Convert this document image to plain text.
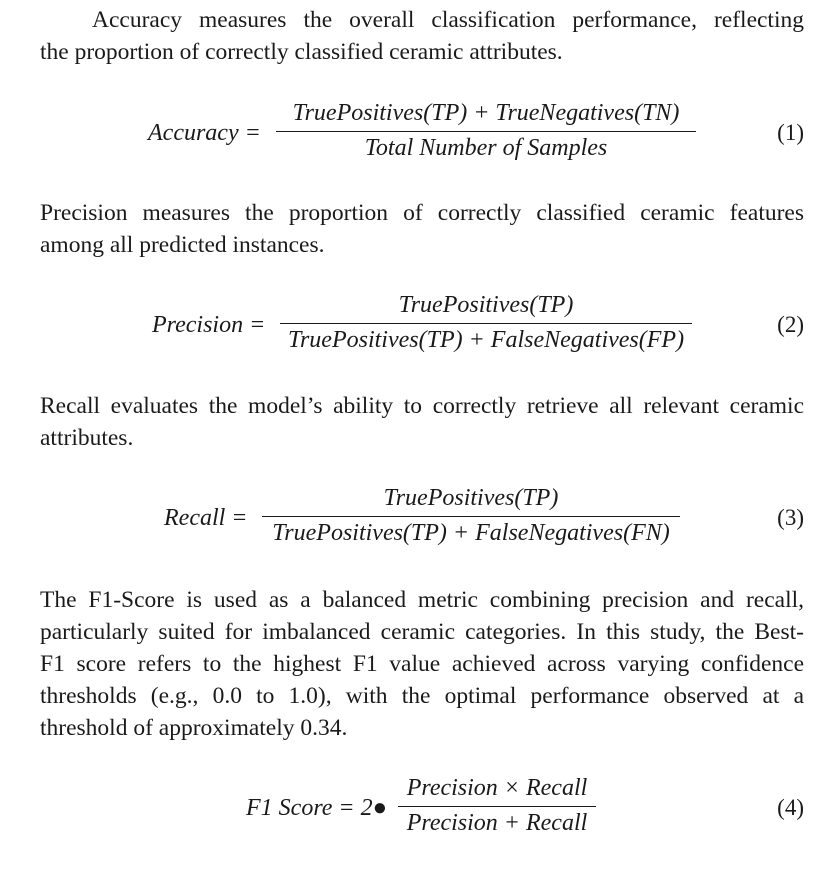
Accuracy measures the overall classification performance, reflecting
the proportion of correctly classified ceramic attributes.

Accuracy =
TruePositives(TP) + TrueNegatives(TN)
Total Number of Samples
(1)

Precision measures the proportion of correctly classified ceramic features
among all predicted instances.

Precision =
TruePositives(TP)
TruePositives(TP) + FalseNegatives(FP)
(2)

Recall evaluates the model’s ability to correctly retrieve all relevant ceramic
attributes.

Recall =
TruePositives(TP)
TruePositives(TP) + FalseNegatives(FN)
(3)

The F1-Score is used as a balanced metric combining precision and recall,
particularly suited for imbalanced ceramic categories. In this study, the Best-
F1 score refers to the highest F1 value achieved across varying confidence
thresholds (e.g., 0.0 to 1.0), with the optimal performance observed at a
threshold of approximately 0.34.

F1 Score = 2●
Precision × Recall
Precision + Recall
(4)
